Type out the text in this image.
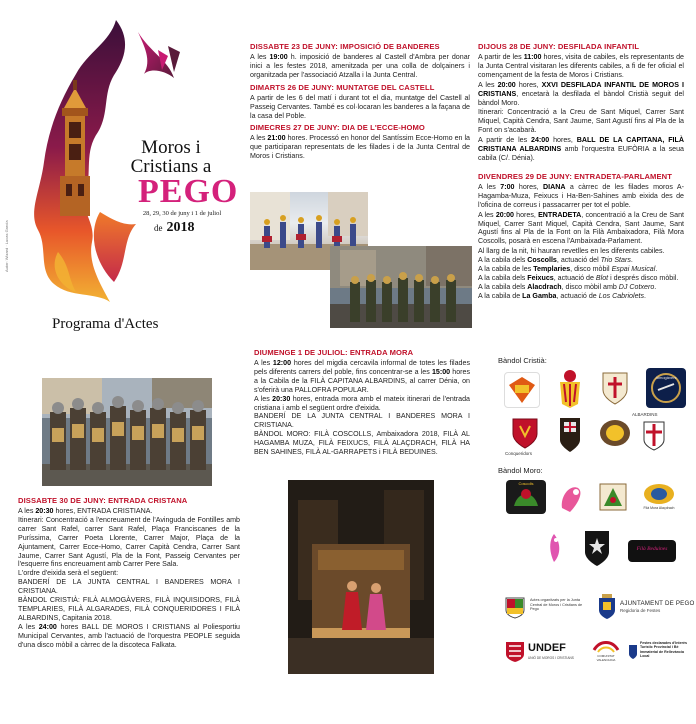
Moros i
Cristians a
PEGO
28, 29, 30 de juny i 1 de juliol
de 2018
Autor: Wizard · Lucas García
Programa d'Actes
DISSABTE 23 DE JUNY: IMPOSICIÓ DE BANDERES

A les 19:00 h. imposició de banderes al Castell d'Ambra per donar inici a les festes 2018, amenitzada per una colla de dolçainers i organitzada per l'associació Atzalla i la Junta Central.

DIMARTS 26 DE JUNY: MUNTATGE DEL CASTELL

A partir de les 6 del matí i durant tot el dia, muntatge del Castell al Passeig Cervantes. També es col·locaran les banderes a la façana de la casa del Poble.

DIMECRES 27 DE JUNY: DIA DE L'ECCE-HOMO

A les 21:00 hores. Processó en honor del Santíssim Ecce-Homo en la que participaran representats de les filades i de la Junta Central de Moros i Cristians.

DIJOUS 28 DE JUNY: DESFILADA INFANTIL

A partir de les 11:00 hores, visita de cabiles, els representants de la Junta Central visitaran les diferents cabiles, a fi de fer oficial el començament de la festa de Moros i Cristians.

A les 20:00 hores, XXVI DESFILADA INFANTIL DE MOROS I CRISTIANS, encetarà la desfilada el bàndol Cristià seguit del bàndol Moro.

Itinerari: Concentració a la Creu de Sant Miquel, Carrer Sant Miquel, Capità Cendra, Sant Jaume, Sant Agustí fins al Pla de la Font on s'acabarà.

A partir de les 24:00 hores, BALL DE LA CAPITANA, FILÀ CRISTIANA ALBARDINS amb l'orquestra EUFÒRIA a la seua cabila (C/. Dénia).

DIVENDRES 29 DE JUNY: ENTRADETA-PARLAMENT

A les 7:00 hores, DIANA a càrrec de les filades moros A-Hagamba-Muza, Feixucs i Ha-Ben-Sahines amb eixida des de l'oficina de correus i passacarrer per tot el poble.

A les 20:00 hores, ENTRADETA, concentració a la Creu de Sant Miquel, Carrer Sant Miquel, Capità Cendra, Sant Jaume, Sant Agustí fins al Pla de la Font on la Filà Ambaixadora, Filà Mora Coscolls, posarà en escena l'Ambaixada-Parlament.

Al llarg de la nit, hi hauran revetlles en les diferents cabiles.

A la cabila dels Coscolls, actuació del Trio Stars.

A la cabila de les Templaries, disco mòbil Espai Musical.

A la cabila dels Feixucs, actuació de Blot i després disco mòbil.

A la cabila dels Alacdrach, disco mòbil amb DJ Cotxero.

A la cabila de La Gamba, actuació de Los Cabriolets.

DISSABTE 30 DE JUNY: ENTRADA CRISTANA

A les 20:30 hores, ENTRADA CRISTIANA.

Itinerari: Concentració a l'encreuament de l'Avinguda de Fontilles amb carrer Sant Rafel, carrer Sant Rafel, Plaça Franciscanes de la Puríssima, Carrer Poeta Llorente, Carrer Major, Plaça de la Ajuntament, Carrer Ecce-Homo, Carrer Capità Cendra, Carrer Sant Jaume, Carrer Sant Agustí, Pla de la Font, Passeig Cervantes per l'esquerre fins encreuament amb Carrer Pere Sala.

L'ordre d'eixida serà el següent:

BANDERÍ DE LA JUNTA CENTRAL I BANDERES MORA I CRISTIANA.

BÀNDOL CRISTIÀ: FILÀ ALMOGÀVERS, FILÀ INQUISIDORS, FILÀ TEMPLARIES, FILÀ ALGARADES, FILÀ CONQUERIDORES I FILÀ ALBARDINS, Capitania 2018.

A les 24:00 hores BALL DE MOROS I CRISTIANS al Poliesportiu Municipal Cervantes, amb l'actuació de l'orquestra PEOPLE seguida d'una disco mòbil a càrrec de la discoteca Falkata.

DIUMENGE 1 DE JULIOL: ENTRADA MORA

A les 12:00 hores del migdia cercavila informal de totes les filades pels diferents carrers del poble, fins concentrar-se a les 15:00 hores a la Cabila de la FILÀ CAPITANA ALBARDINS, al carrer Dénia, on s'oferirà una PALLOFRA POPULAR.

A les 20:30 hores, entrada mora amb el mateix itinerari de l'entrada cristiana i amb el següent ordre d'eixida.

BANDERÍ DE LA JUNTA CENTRAL I BANDERES MORA I CRISTIANA.

BÀNDOL MORO: FILÀ COSCOLLS, Ambaixadora 2018, FILÀ AL HAGAMBA MUZA, FILÀ FEIXUCS, FILÀ ALAÇDRACH, FILÀ HA BEN SAHINES, FILÀ AL-GARRAPETS i FILÀ BEDUINES.

Bàndol Cristià:
Almogàvers
Conqueridors
ALBARDINS
Bàndol Moro:
Coscolls
Filà Mora Alaçdrach
Filà Beduines
Actes organitzats per la Junta Central de Moros i Cristians de Pego
AJUNTAMENT DE PEGO
Regidoria de Festes
UNDEF
UNIÓ DE MOROS I CRISTIANS	COMUNITAT VALENCIANA
Festes declarades d'Interès Turístic Provincial i Bé Immaterial de Rellevància Local
